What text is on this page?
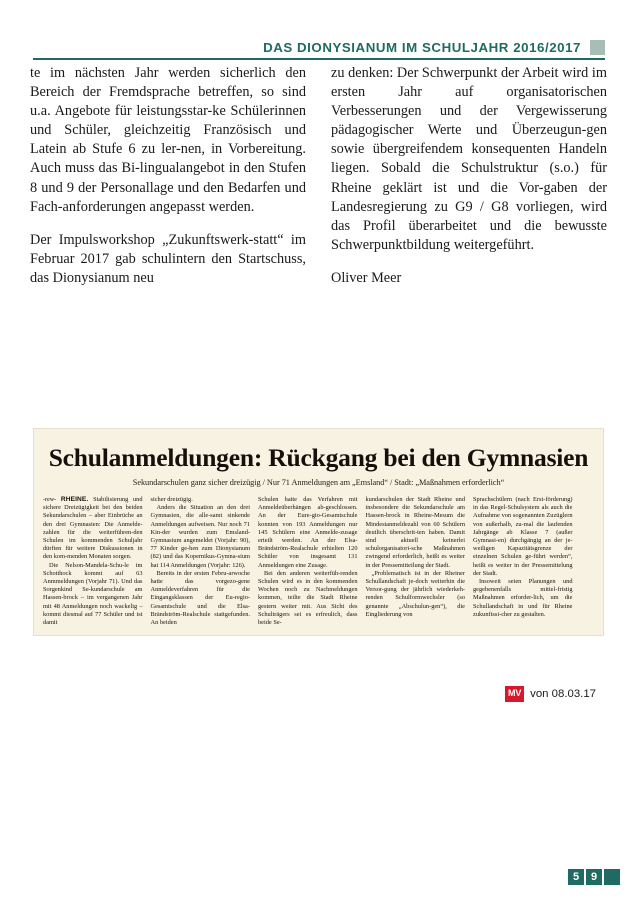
DAS DIONYSIANUM IM SCHULJAHR 2016/2017

te im nächsten Jahr werden sicherlich den Bereich der Fremdsprache betreffen, so sind u.a. Angebote für leistungsstar-ke Schülerinnen und Schüler, gleichzeitig Französisch und Latein ab Stufe 6 zu ler-nen, in Vorbereitung. Auch muss das Bi-lingualangebot in den Stufen 8 und 9 der Personallage und den Bedarfen und Fach-anforderungen angepasst werden.

Der Impulsworkshop „Zukunftswerk-statt“ im Februar 2017 gab schulintern den Startschuss, das Dionysianum neu

zu denken: Der Schwerpunkt der Arbeit wird im ersten Jahr auf organisatorischen Verbesserungen und der Vergewisserung pädagogischer Werte und Überzeugun-gen sowie übergreifendem konsequenten Handeln liegen. Sobald die Schulstruktur (s.o.) für Rheine geklärt ist und die Vor-gaben der Landesregierung zu G9 / G8 vorliegen, wird das Profil überarbeitet und die bewusste Schwerpunktbildung weitergeführt.

Oliver Meer

Schulanmeldungen: Rückgang bei den Gymnasien
Sekundarschulen ganz sicher dreizügig / Nur 71 Anmeldungen am „Emsland“ / Stadt: „Maßnahmen erforderlich“

-rew- RHEINE. Stabilisierung und sichere Dreizügigkeit bei den beiden Sekundarschulen – aber Einbrüche an den drei Gymnasien: Die Anmelde-zahlen für die weiterführen-den Schulen im kommenden Schuljahr dürften für weitere Diskussionen in den kom-menden Monaten sorgen.

Die Nelson-Mandela-Schu-le im Schotthock kommt auf 63 Anmmeldungen (Vorjahr 71). Und das Sorgenkind Se-kundarschule am Hassen-brock – im vergangenen Jahr mit 48 Anmeldungen noch wackelig – kommt diesmal auf 77 Schüler und ist damit

sicher dreizügig.

Anders die Situation an den drei Gymnasien, die alle-samt sinkende Anmeldungen aufweisen. Nur noch 71 Kin-der wurden zum Emsland-Gymnasium angemeldet (Vorjahr: 90), 77 Kinder ge-hen zum Dionysianum (82) und das Kopernikus-Gymna-sium hat 114 Anmeldungen (Vorjahr: 126).

Bereits in der ersten Febru-arwoche hatte das vorgezo-gene Anmeldeverfahren für die Eingangsklassen der Eu-regio-Gesamtschule und die Elsa-Brändström-Realschule stattgefunden. An beiden

Schulen hatte das Verfahren mit Anmeldeüberhängen ab-geschlossen. An der Eure-gio-Gesamtschule konnten von 193 Anmeldungen nur 145 Schülern eine Anmelde-zusage erteilt werden. An der Elsa-Brändström-Realschule erhielten 120 Schüler von insgesamt 131 Anmeldungen eine Zusage.

Bei den anderen weiterfüh-renden Schulen wird es in den kommenden Wochen noch zu Nachmeldungen kommen, teilte die Stadt Rheine gestern weiter mit. Aus Sicht des Schulträgers sei es erfreulich, dass beide Se-

kundarschulen der Stadt Rheine und insbesondere die Sekundarschule am Hassen-brock in Rheine-Mesum die Mindestanmeldezahl von 60 Schülern deutlich überschrit-ten haben. Damit sind aktuell keinerlei schulorganisatori-sche Maßnahmen zwingend erforderlich, heißt es weiter in der Pressemitteilung der Stadt.

„Problematisch ist in der Rheiner Schullandschaft je-doch weiterhin die Versor-gung der jährlich wiederkeh-renden Schulformwechsler (so genannte „Abschulun-gen“), die Eingliederung von

Sprachschülern (nach Erst-förderung) in das Regel-Schulsystem als auch die Aufnahme von sogenannten Zuzüglern von außerhalb, zu-mal die laufenden Jahrgänge ab Klasse 7 (außer Gymnasi-en) durchgängig an der je-weiligen Kapazitätsgrenze der einzelnen Schulen ge-führt werden“, heißt es weiter in der Pressemittelung der Stadt.

Insoweit seien Planungen und gegebenenfalls mittel-fristig Maßnahmen erforder-lich, um die Schullandschaft in und für Rheine zukunftssi-cher zu gestalten.

MV von 08.03.17
5	9
